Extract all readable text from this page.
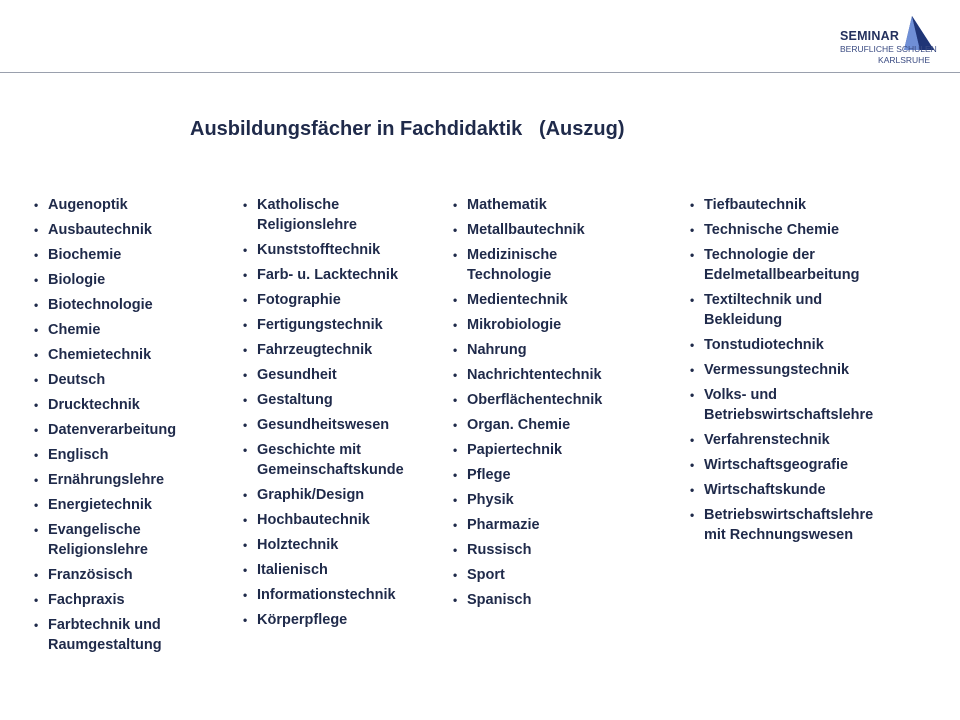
SEMINAR
BERUFLICHE SCHULEN
KARLSRUHE
Ausbildungsfächer in Fachdidaktik   (Auszug)
• Augenoptik
• Ausbautechnik
• Biochemie
• Biologie
• Biotechnologie
• Chemie
• Chemietechnik
• Deutsch
• Drucktechnik
• Datenverarbeitung
• Englisch
• Ernährungslehre
• Energietechnik
• Evangelische
Religionslehre
• Französisch
• Fachpraxis
• Farbtechnik und
Raumgestaltung
• Katholische
Religionslehre
• Kunststofftechnik
• Farb- u. Lacktechnik
• Fotographie
• Fertigungstechnik
• Fahrzeugtechnik
• Gesundheit
• Gestaltung
• Gesundheitswesen
• Geschichte mit
Gemeinschaftskunde
• Graphik/Design
• Hochbautechnik
• Holztechnik
• Italienisch
• Informationstechnik
• Körperpflege
• Mathematik
• Metallbautechnik
• Medizinische
Technologie
• Medientechnik
• Mikrobiologie
• Nahrung
• Nachrichtentechnik
• Oberflächentechnik
• Organ. Chemie
• Papiertechnik
• Pflege
• Physik
• Pharmazie
• Russisch
• Sport
• Spanisch
• Tiefbautechnik
• Technische Chemie
• Technologie der
Edelmetallbearbeitung
• Textiltechnik und
Bekleidung
• Tonstudiotechnik
• Vermessungstechnik
• Volks- und
Betriebswirtschaftslehre
• Verfahrenstechnik
• Wirtschaftsgeografie
• Wirtschaftskunde
• Betriebswirtschaftslehre
mit Rechnungswesen
